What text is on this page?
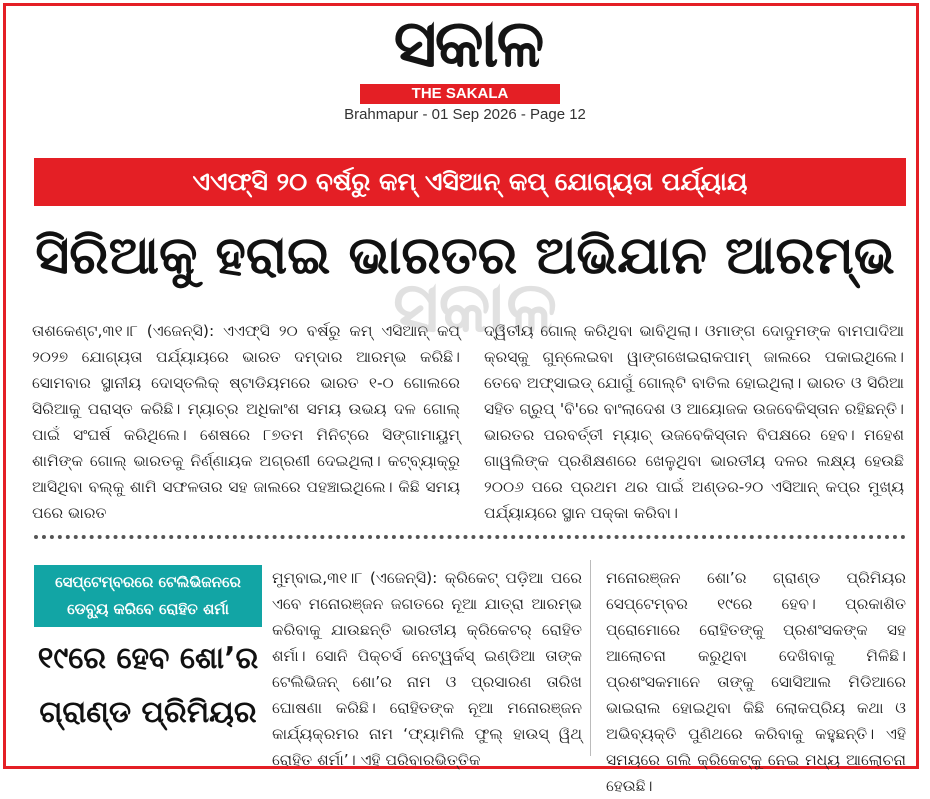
ସକାଳ
THE SAKALA
Brahmapur - 01 Sep 2026 - Page 12
ଏଏଫ୍‌ସି ୨୦ ବର୍ଷରୁ କମ୍ ଏସିଆନ୍ କପ୍ ଯୋଗ୍ୟତା ପର୍ଯ୍ୟାୟ
ସିରିଆକୁ ହରାଇ ଭାରତର ଅଭିଯାନ ଆରମ୍ଭ
ତାଶକେଣ୍ଟ,୩୧।୮ (ଏଜେନ୍ସି): ଏଏଫ୍‌ସି ୨୦ ବର୍ଷରୁ କମ୍ ଏସିଆନ୍ କପ୍ ୨୦୨୭ ଯୋଗ୍ୟତା ପର୍ଯ୍ୟାୟରେ ଭାରତ ଦମ୍ଦାର ଆରମ୍ଭ କରିଛି। ସୋମବାର ସ୍ଥାନୀୟ ଦୋସ୍ତଲିକ୍ ଷ୍ଟାଡିୟମରେ ଭାରତ ୧-୦ ଗୋଲରେ ସିରିଆକୁ ପରାସ୍ତ କରିଛି। ମ୍ୟାଚ୍‌ର ଅଧିକାଂଶ ସମୟ ଉଭୟ ଦଳ ଗୋଲ୍ ପାଇଁ ସଂଘର୍ଷ କରିଥିଲେ। ଶେଷରେ ୮୭ତମ ମିନିଟ୍‌ରେ ସିଙ୍ଗାମାୟୁମ୍ ଶାମିଙ୍କ ଗୋଲ୍ ଭାରତକୁ ନିର୍ଣ୍ଣାୟକ ଅଗ୍ରଣୀ ଦେଇଥିଲା। କଟ୍‌ବ୍ୟାକ୍‌ରୁ ଆସିଥିବା ବଲ୍‌କୁ ଶାମି ସଫଳତାର ସହ ଜାଲରେ ପହଞ୍ଚାଇଥିଲେ। କିଛି ସମୟ ପରେ ଭାରତ
ଦ୍ୱିତୀୟ ଗୋଲ୍ କରିଥିବା ଭାବିଥିଲା। ଓମାଙ୍ଗ ଦୋଦୁମଙ୍କ ବାମପାଦିଆ କ୍ରସ୍‌କୁ ଗୁନ୍‌ଲେଇବା ୱାଙ୍ଗଖେଇରାକପାମ୍ ଜାଲରେ ପକାଇଥିଲେ। ତେବେ ଅଫ୍‌ସାଇଡ୍ ଯୋଗୁଁ ଗୋଲ୍‌ଟି ବାତିଲ ହୋଇଥିଲା। ଭାରତ ଓ ସିରିଆ ସହିତ ଗ୍ରୁପ୍ 'ବି'ରେ ବାଂଲାଦେଶ ଓ ଆୟୋଜକ ଉଜବେକିସ୍ତାନ ରହିଛନ୍ତି। ଭାରତର ପରବର୍ତ୍ତୀ ମ୍ୟାଚ୍ ଉଜବେକିସ୍ତାନ ବିପକ୍ଷରେ ହେବ। ମହେଶ ଗାୱଲିଙ୍କ ପ୍ରଶିକ୍ଷଣରେ ଖେଳୁଥିବା ଭାରତୀୟ ଦଳର ଲକ୍ଷ୍ୟ ହେଉଛି ୨୦୦୬ ପରେ ପ୍ରଥମ ଥର ପାଇଁ ଅଣ୍ଡର-୨୦ ଏସିଆନ୍ କପ୍‌ର ମୁଖ୍ୟ ପର୍ଯ୍ୟାୟରେ ସ୍ଥାନ ପକ୍କା କରିବା।
ସକାଳ
ସେପ୍ଟେମ୍ବରରେ ଟେଲିଭିଜନରେ
ଡେବ୍ୟୁ କରିବେ ରୋହିତ ଶର୍ମା
୧୯ରେ ହେବ ଶୋ’ର
ଗ୍ରାଣ୍ଡ ପ୍ରିମିୟର
ମୁମ୍ବାଇ,୩୧।୮ (ଏଜେନ୍ସି): କ୍ରିକେଟ୍ ପଡ଼ିଆ ପରେ ଏବେ ମନୋରଞ୍ଜନ ଜଗତରେ ନୂଆ ଯାତ୍ରା ଆରମ୍ଭ କରିବାକୁ ଯାଉଛନ୍ତି ଭାରତୀୟ କ୍ରିକେଟର୍ ରୋହିତ ଶର୍ମା। ସୋନି ପିକ୍‌ଚର୍ସ ନେଟ୍‌ୱର୍କସ୍ ଇଣ୍ଡିଆ ତାଙ୍କ ଟେଲିଭିଜନ୍ ଶୋ’ର ନାମ ଓ ପ୍ରସାରଣ ତାରିଖ ଘୋଷଣା କରିଛି। ରୋହିତଙ୍କ ନୂଆ ମନୋରଞ୍ଜନ କାର୍ଯ୍ୟକ୍ରମର ନାମ ‘ଫ୍ୟାମିଲି ଫୁଲ୍ ହାଉସ୍ ୱିଥ୍ ରୋହିତ ଶର୍ମା’। ଏହି ପରିବାରଭିତ୍ତିକ
ମନୋରଞ୍ଜନ ଶୋ’ର ଗ୍ରାଣ୍ଡ ପ୍ରିମିୟର ସେପ୍ଟେମ୍ବର ୧୯ରେ ହେବ। ପ୍ରକାଶିତ ପ୍ରୋମୋରେ ରୋହିତଙ୍କୁ ପ୍ରଶଂସକଙ୍କ ସହ ଆଲୋଚନା କରୁଥିବା ଦେଖିବାକୁ ମିଳିଛି। ପ୍ରଶଂସକମାନେ ତାଙ୍କୁ ସୋସିଆଲ ମିଡିଆରେ ଭାଇରାଲ ହୋଇଥିବା କିଛି ଲୋକପ୍ରିୟ କଥା ଓ ଅଭିବ୍ୟକ୍ତି ପୁଣିଥରେ କରିବାକୁ କହୁଛନ୍ତି। ଏହି ସମୟରେ ଗଲି କ୍ରିକେଟ୍‌କୁ ନେଇ ମଧ୍ୟ ଆଲୋଚନା ହେଉଛି।
